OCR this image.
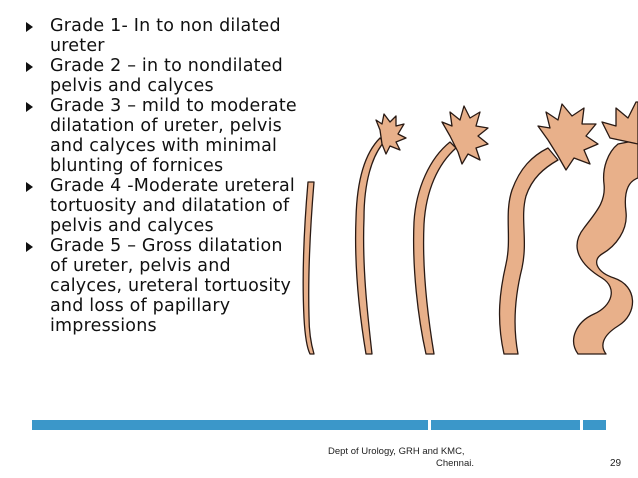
Grade 1- In to non dilated ureter
Grade 2 – in to nondilated pelvis and calyces
Grade 3 – mild to moderate dilatation of ureter, pelvis and calyces with minimal blunting of fornices
Grade 4 -Moderate ureteral tortuosity and dilatation of pelvis and calyces
Grade 5 – Gross dilatation of ureter, pelvis and calyces, ureteral tortuosity and loss of papillary impressions
Dept of Urology, GRH and KMC,
Chennai.	29
